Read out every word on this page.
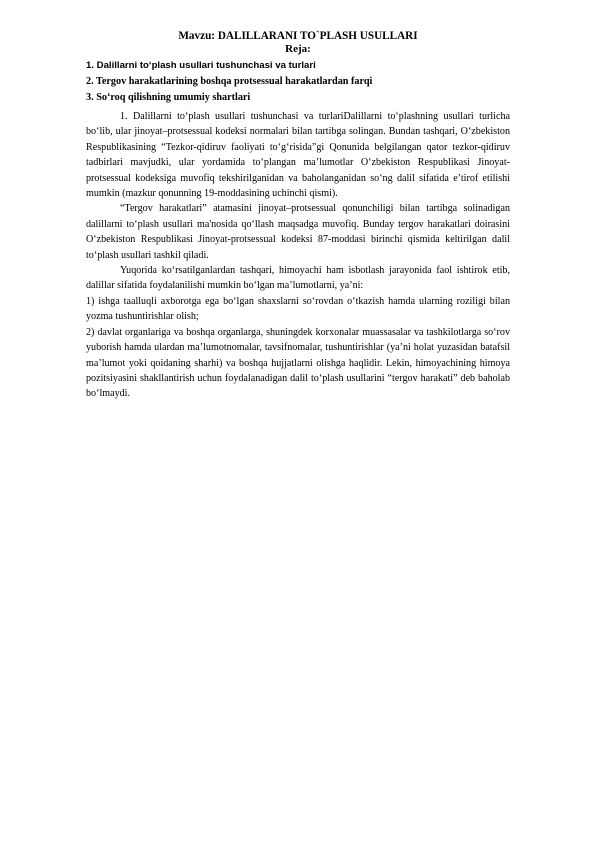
Mavzu: DALILLARANI TO`PLASH USULLARI

Reja:

1. Dalillarni to‘plash usullari tushunchasi va turlari

2. Tergov harakatlarining boshqa protsessual harakatlardan farqi

3. So‘roq qilishning umumiy shartlari

1. Dalillarni to‘plash usullari tushunchasi va turlariDalillarni to‘plashning usullari turlicha bo‘lib, ular jinoyat–protsessual kodeksi normalari bilan tartibga solingan. Bundan tashqari, O‘zbekiston Respublikasining “Tezkor-qidiruv faoliyati to‘g‘risida”gi Qonunida belgilangan qator tezkor-qidiruv tadbirlari mavjudki, ular yordamida to‘plangan ma’lumotlar O‘zbekiston Respublikasi Jinoyat-protsessual kodeksiga muvofiq tekshirilganidan va baholanganidan so‘ng dalil sifatida e’tirof etilishi mumkin (mazkur qonunning 19-moddasining uchinchi qismi).

“Tergov harakatlari” atamasini jinoyat–protsessual qonunchiligi bilan tartibga solinadigan dalillarni to‘plash usullari ma'nosida qo‘llash maqsadga muvofiq. Bunday tergov harakatlari doirasini O‘zbekiston Respublikasi Jinoyat-protsessual kodeksi 87-moddasi birinchi qismida keltirilgan dalil to‘plash usullari tashkil qiladi.

Yuqorida ko‘rsatilganlardan tashqari, himoyachi ham isbotlash jarayonida faol ishtirok etib, dalillar sifatida foydalanilishi mumkin bo‘lgan ma’lumotlarni, ya’ni:

1) ishga taalluqli axborotga ega bo‘lgan shaxslarni so‘rovdan o‘tkazish hamda ularning roziligi bilan yozma tushuntirishlar olish;

2) davlat organlariga va boshqa organlarga, shuningdek korxonalar muassasalar va tashkilotlarga so‘rov yuborish hamda ulardan ma’lumotnomalar, tavsifnomalar, tushuntirishlar (ya’ni holat yuzasidan batafsil ma’lumot yoki qoidaning sharhi) va boshqa hujjatlarni olishga haqlidir. Lekin, himoyachining himoya pozitsiyasini shakllantirish uchun foydalanadigan dalil to‘plash usullarini “tergov harakati” deb baholab bo‘lmaydi.
